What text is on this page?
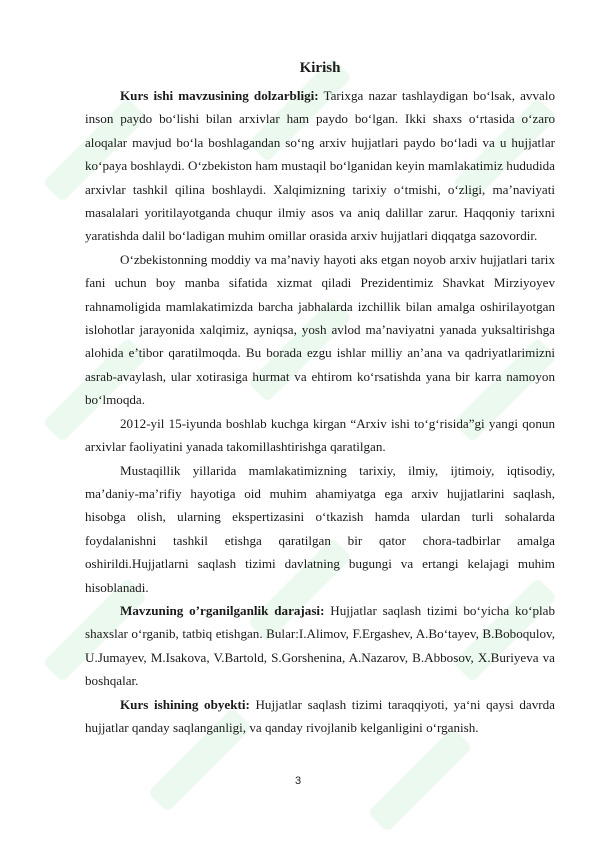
Kirish

Kurs ishi mavzusining dolzarbligi: Tarixga nazar tashlaydigan bo‘lsak, avvalo inson paydo bo‘lishi bilan arxivlar ham paydo bo‘lgan. Ikki shaxs o‘rtasida o‘zaro aloqalar mavjud bo‘la boshlagandan so‘ng arxiv hujjatlari paydo bo‘ladi va u hujjatlar ko‘paya boshlaydi. O‘zbekiston ham mustaqil bo‘lganidan keyin mamlakatimiz hududida arxivlar tashkil qilina boshlaydi. Xalqimizning tarixiy o‘tmishi, o‘zligi, ma’naviyati masalalari yoritilayotganda chuqur ilmiy asos va aniq dalillar zarur. Haqqoniy tarixni yaratishda dalil bo‘ladigan muhim omillar orasida arxiv hujjatlari diqqatga sazovordir.

O‘zbekistonning moddiy va ma’naviy hayoti aks etgan noyob arxiv hujjatlari tarix fani uchun boy manba sifatida xizmat qiladi Prezidentimiz Shavkat Mirziyoyev rahnamoligida mamlakatimizda barcha jabhalarda izchillik bilan amalga oshirilayotgan islohotlar jarayonida xalqimiz, ayniqsa, yosh avlod ma’naviyatni yanada yuksaltirishga alohida e’tibor qaratilmoqda. Bu borada ezgu ishlar milliy an’ana va qadriyatlarimizni asrab-avaylash, ular xotirasiga hurmat va ehtirom ko‘rsatishda yana bir karra namoyon bo‘lmoqda.

2012-yil 15-iyunda boshlab kuchga kirgan “Arxiv ishi to‘g‘risida”gi yangi qonun arxivlar faoliyatini yanada takomillashtirishga qaratilgan.

Mustaqillik yillarida mamlakatimizning tarixiy, ilmiy, ijtimoiy, iqtisodiy, ma’daniy-ma’rifiy hayotiga oid muhim ahamiyatga ega arxiv hujjatlarini saqlash, hisobga olish, ularning ekspertizasini o‘tkazish hamda ulardan turli sohalarda foydalanishni tashkil etishga qaratilgan bir qator chora-tadbirlar amalga oshirildi.Hujjatlarni saqlash tizimi davlatning bugungi va ertangi kelajagi muhim hisoblanadi.

Mavzuning o’rganilganlik darajasi: Hujjatlar saqlash tizimi bo‘yicha ko‘plab shaxslar o‘rganib, tatbiq etishgan. Bular:I.Alimov, F.Ergashev, A.Bo‘tayev, B.Boboqulov, U.Jumayev, M.Isakova, V.Bartold, S.Gorshenina, A.Nazarov, B.Abbosov, X.Buriyeva va boshqalar.

Kurs ishining obyekti: Hujjatlar saqlash tizimi taraqqiyoti, ya‘ni qaysi davrda hujjatlar qanday saqlanganligi, va qanday rivojlanib kelganligini o‘rganish.

3
